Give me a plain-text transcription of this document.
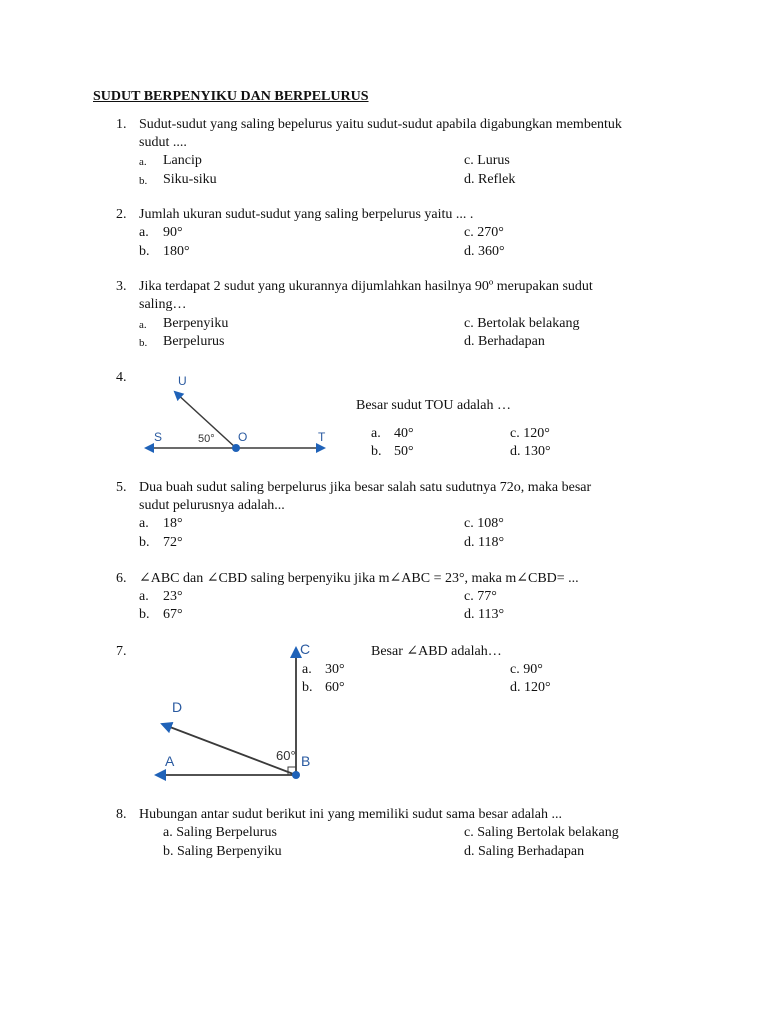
SUDUT BERPENYIKU DAN BERPELURUS
1. Sudut-sudut yang saling bepelurus yaitu sudut-sudut apabila digabungkan membentuk
sudut ....
a. Lancip
b. Siku-siku
c. Lurus
d. Reflek
2. Jumlah ukuran sudut-sudut yang saling berpelurus yaitu ... .
a. 90°
b. 180°
c. 270°
d. 360°
3. Jika terdapat 2 sudut yang ukurannya dijumlahkan hasilnya 90º merupakan sudut
saling…
a. Berpenyiku
b. Berpelurus
c. Bertolak belakang
d. Berhadapan
4.	U
S	50° O	T
Besar sudut TOU adalah …
a. 40°
b. 50°
c. 120°
d. 130°
5. Dua buah sudut saling berpelurus jika besar salah satu sudutnya 72o, maka besar
sudut pelurusnya adalah...
a. 18°
b. 72°
c. 108°
d. 118°
6. ∠ABC dan ∠CBD saling berpenyiku jika m∠ABC = 23°, maka m∠CBD= ...
a. 23°
b. 67°
c. 77°
d. 113°
7.	C
D
A	60° B
Besar ∠ABD adalah…
a. 30°
b. 60°
c. 90°
d. 120°
8. Hubungan antar sudut berikut ini yang memiliki sudut sama besar adalah ...
a. Saling Berpelurus
b. Saling Berpenyiku
c. Saling Bertolak belakang
d. Saling Berhadapan
